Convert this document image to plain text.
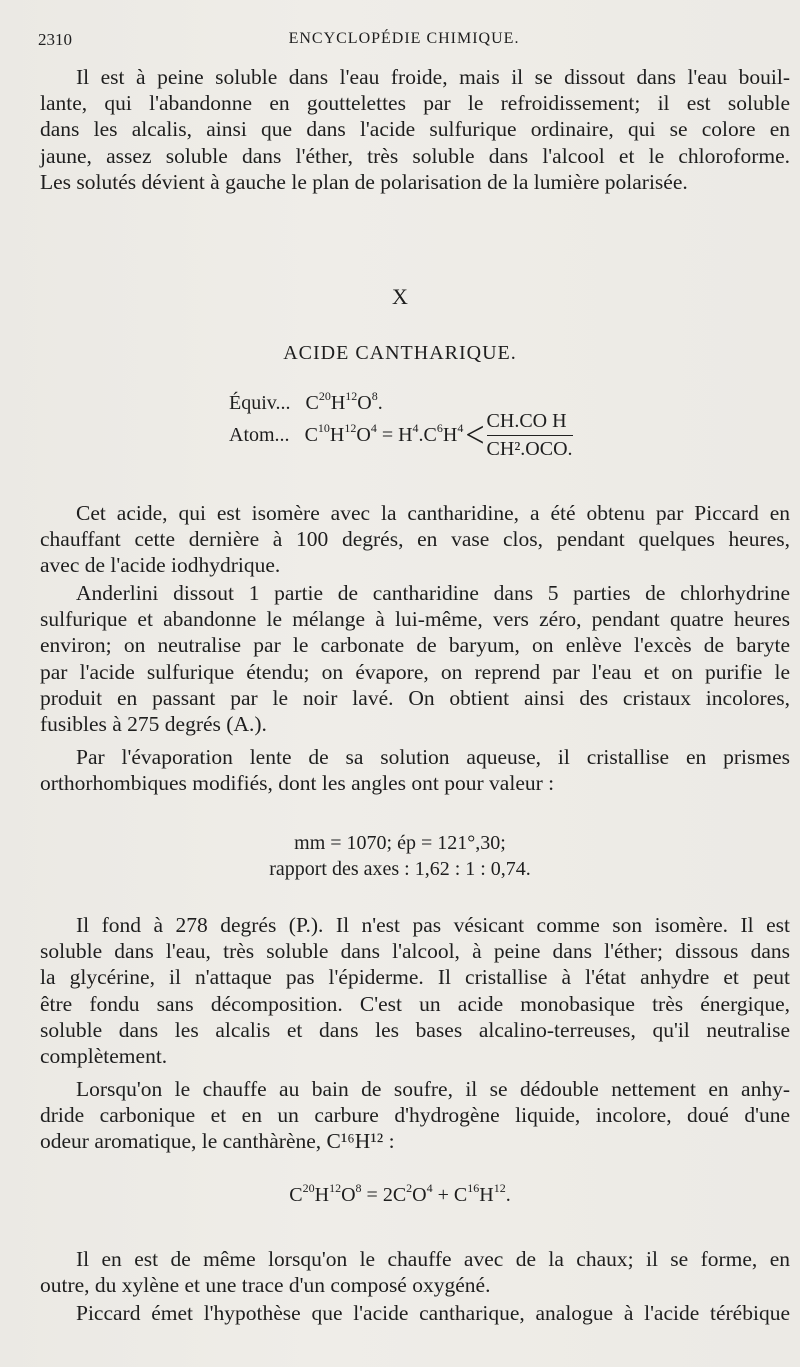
2310	ENCYCLOPÉDIE CHIMIQUE.
Il est à peine soluble dans l'eau froide, mais il se dissout dans l'eau bouil-
lante, qui l'abandonne en gouttelettes par le refroidissement; il est soluble
dans les alcalis, ainsi que dans l'acide sulfurique ordinaire, qui se colore en
jaune, assez soluble dans l'éther, très soluble dans l'alcool et le chloroforme.
Les solutés dévient à gauche le plan de polarisation de la lumière polarisée.
X
ACIDE CANTHARIQUE.
Équiv...   $C^{20}H^{12}O^8$.
Atom...   $C^{10}H^{12}O^4 = H^4.C^6H^4< \frac{\text{CH.CO H}}{\text{CH².OCO.}}$
Cet acide, qui est isomère avec la cantharidine, a été obtenu par Piccard en
chauffant cette dernière à 100 degrés, en vase clos, pendant quelques heures,
avec de l'acide iodhydrique.
Anderlini dissout 1 partie de cantharidine dans 5 parties de chlorhydrine
sulfurique et abandonne le mélange à lui-même, vers zéro, pendant quatre heures
environ; on neutralise par le carbonate de baryum, on enlève l'excès de baryte
par l'acide sulfurique étendu; on évapore, on reprend par l'eau et on purifie le
produit en passant par le noir lavé. On obtient ainsi des cristaux incolores,
fusibles à 275 degrés (A.).
Par l'évaporation lente de sa solution aqueuse, il cristallise en prismes
orthorhombiques modifiés, dont les angles ont pour valeur :
mm = 1070; ép = 121°,30;
rapport des axes : 1,62 : 1 : 0,74.
Il fond à 278 degrés (P.). Il n'est pas vésicant comme son isomère. Il est
soluble dans l'eau, très soluble dans l'alcool, à peine dans l'éther; dissous dans
la glycérine, il n'attaque pas l'épiderme. Il cristallise à l'état anhydre et peut
être fondu sans décomposition. C'est un acide monobasique très énergique,
soluble dans les alcalis et dans les bases alcalino-terreuses, qu'il neutralise
complètement.
Lorsqu'on le chauffe au bain de soufre, il se dédouble nettement en anhy-
dride carbonique et en un carbure d'hydrogène liquide, incolore, doué d'une
odeur aromatique, le canthàrène, C¹⁶H¹² :
$C^{20}H^{12}O^8 = 2C^2O^4 + C^{16}H^{12}$.
Il en est de même lorsqu'on le chauffe avec de la chaux; il se forme, en
outre, du xylène et une trace d'un composé oxygéné.
Piccard émet l'hypothèse que l'acide cantharique, analogue à l'acide térébique
